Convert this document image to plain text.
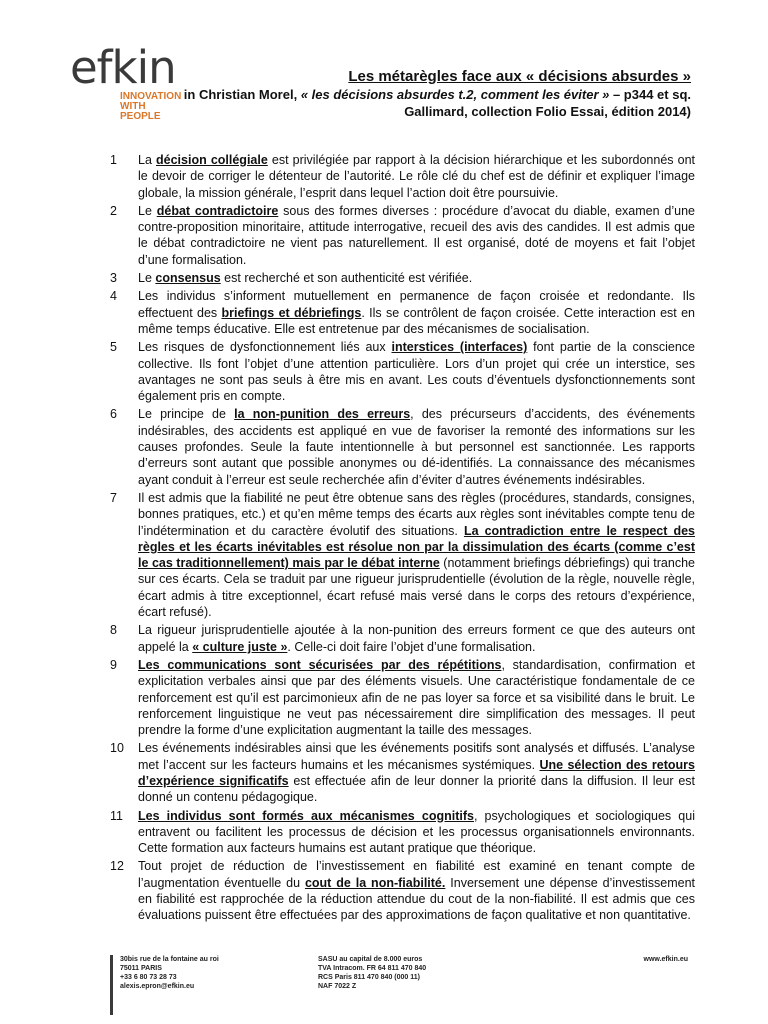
efkin
INNOVATION
WITH
PEOPLE
Les métarègles face aux « décisions absurdes »
in Christian Morel, « les décisions absurdes t.2, comment les éviter » – p344 et sq.
Gallimard, collection Folio Essai, édition 2014)
1 La décision collégiale est privilégiée par rapport à la décision hiérarchique et les subordonnés ont le devoir de corriger le détenteur de l’autorité. Le rôle clé du chef est de définir et expliquer l’image globale, la mission générale, l’esprit dans lequel l’action doit être poursuivie.
2 Le débat contradictoire sous des formes diverses : procédure d’avocat du diable, examen d’une contre-proposition minoritaire, attitude interrogative, recueil des avis des candides. Il est admis que le débat contradictoire ne vient pas naturellement. Il est organisé, doté de moyens et fait l’objet d’une formalisation.
3 Le consensus est recherché et son authenticité est vérifiée.
4 Les individus s’informent mutuellement en permanence de façon croisée et redondante. Ils effectuent des briefings et débriefings. Ils se contrôlent de façon croisée. Cette interaction est en même temps éducative. Elle est entretenue par des mécanismes de socialisation.
5 Les risques de dysfonctionnement liés aux interstices (interfaces) font partie de la conscience collective. Ils font l’objet d’une attention particulière. Lors d’un projet qui crée un interstice, ses avantages ne sont pas seuls à être mis en avant. Les couts d’éventuels dysfonctionnements sont également pris en compte.
6 Le principe de la non-punition des erreurs, des précurseurs d’accidents, des événements indésirables, des accidents est appliqué en vue de favoriser la remonté des informations sur les causes profondes. Seule la faute intentionnelle à but personnel est sanctionnée. Les rapports d’erreurs sont autant que possible anonymes ou dé-identifiés. La connaissance des mécanismes ayant conduit à l’erreur est seule recherchée afin d’éviter d’autres événements indésirables.
7 Il est admis que la fiabilité ne peut être obtenue sans des règles (procédures, standards, consignes, bonnes pratiques, etc.) et qu’en même temps des écarts aux règles sont inévitables compte tenu de l’indétermination et du caractère évolutif des situations. La contradiction entre le respect des règles et les écarts inévitables est résolue non par la dissimulation des écarts (comme c’est le cas traditionnellement) mais par le débat interne (notamment briefings débriefings) qui tranche sur ces écarts. Cela se traduit par une rigueur jurisprudentielle (évolution de la règle, nouvelle règle, écart admis à titre exceptionnel, écart refusé mais versé dans le corps des retours d’expérience, écart refusé).
8 La rigueur jurisprudentielle ajoutée à la non-punition des erreurs forment ce que des auteurs ont appelé la « culture juste ». Celle-ci doit faire l’objet d’une formalisation.
9 Les communications sont sécurisées par des répétitions, standardisation, confirmation et explicitation verbales ainsi que par des éléments visuels. Une caractéristique fondamentale de ce renforcement est qu’il est parcimonieux afin de ne pas loyer sa force et sa visibilité dans le bruit. Le renforcement linguistique ne veut pas nécessairement dire simplification des messages. Il peut prendre la forme d’une explicitation augmentant la taille des messages.
10 Les événements indésirables ainsi que les événements positifs sont analysés et diffusés. L’analyse met l’accent sur les facteurs humains et les mécanismes systémiques. Une sélection des retours d’expérience significatifs est effectuée afin de leur donner la priorité dans la diffusion. Il leur est donné un contenu pédagogique.
11 Les individus sont formés aux mécanismes cognitifs, psychologiques et sociologiques qui entravent ou facilitent les processus de décision et les processus organisationnels environnants. Cette formation aux facteurs humains est autant pratique que théorique.
12 Tout projet de réduction de l’investissement en fiabilité est examiné en tenant compte de l’augmentation éventuelle du cout de la non-fiabilité. Inversement une dépense d’investissement en fiabilité est rapprochée de la réduction attendue du cout de la non-fiabilité. Il est admis que ces évaluations puissent être effectuées par des approximations de façon qualitative et non quantitative.
30bis rue de la fontaine au roi
75011 PARIS
+33 6 80 73 28 73
alexis.epron@efkin.eu
SASU au capital de 8.000 euros
TVA Intracom. FR 64 811 470 840
RCS Paris 811 470 840 (000 11)
NAF 7022 Z
www.efkin.eu
